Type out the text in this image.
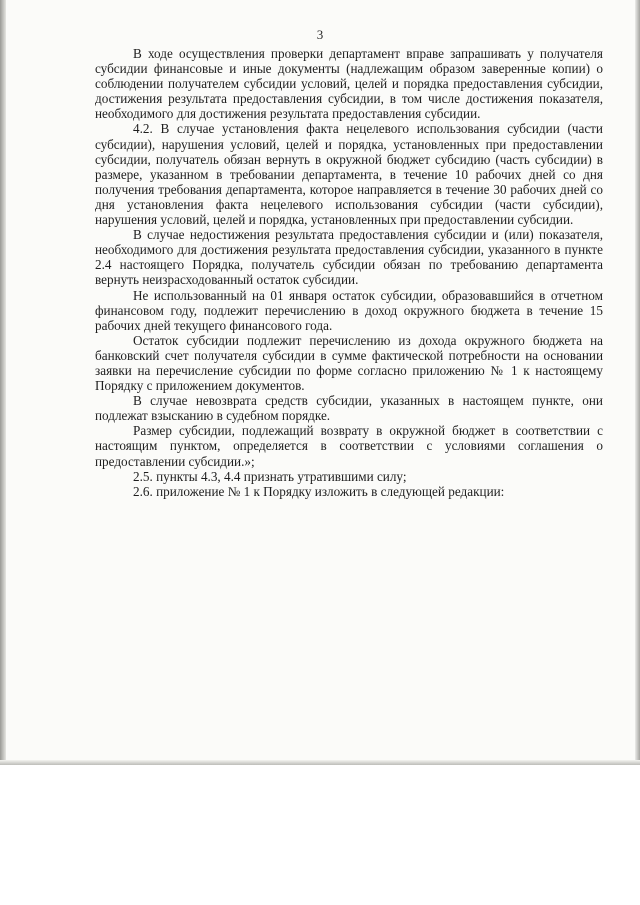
3

В ходе осуществления проверки департамент вправе запрашивать у получателя субсидии финансовые и иные документы (надлежащим образом заверенные копии) о соблюдении получателем субсидии условий, целей и порядка предоставления субсидии, достижения результата предоставления субсидии, в том числе достижения показателя, необходимого для достижения результата предоставления субсидии.

4.2. В случае установления факта нецелевого использования субсидии (части субсидии), нарушения условий, целей и порядка, установленных при предоставлении субсидии, получатель обязан вернуть в окружной бюджет субсидию (часть субсидии) в размере, указанном в требовании департамента, в течение 10 рабочих дней со дня получения требования департамента, которое направляется в течение 30 рабочих дней со дня установления факта нецелевого использования субсидии (части субсидии), нарушения условий, целей и порядка, установленных при предоставлении субсидии.

В случае недостижения результата предоставления субсидии и (или) показателя, необходимого для достижения результата предоставления субсидии, указанного в пункте 2.4 настоящего Порядка, получатель субсидии обязан по требованию департамента вернуть неизрасходованный остаток субсидии.

Не использованный на 01 января остаток субсидии, образовавшийся в отчетном финансовом году, подлежит перечислению в доход окружного бюджета в течение 15 рабочих дней текущего финансового года.

Остаток субсидии подлежит перечислению из дохода окружного бюджета на банковский счет получателя субсидии в сумме фактической потребности на основании заявки на перечисление субсидии по форме согласно приложению № 1 к настоящему Порядку с приложением документов.

В случае невозврата средств субсидии, указанных в настоящем пункте, они подлежат взысканию в судебном порядке.

Размер субсидии, подлежащий возврату в окружной бюджет в соответствии с настоящим пунктом, определяется в соответствии с условиями соглашения о предоставлении субсидии.»;

2.5. пункты 4.3, 4.4 признать утратившими силу;

2.6. приложение № 1 к Порядку изложить в следующей редакции:
